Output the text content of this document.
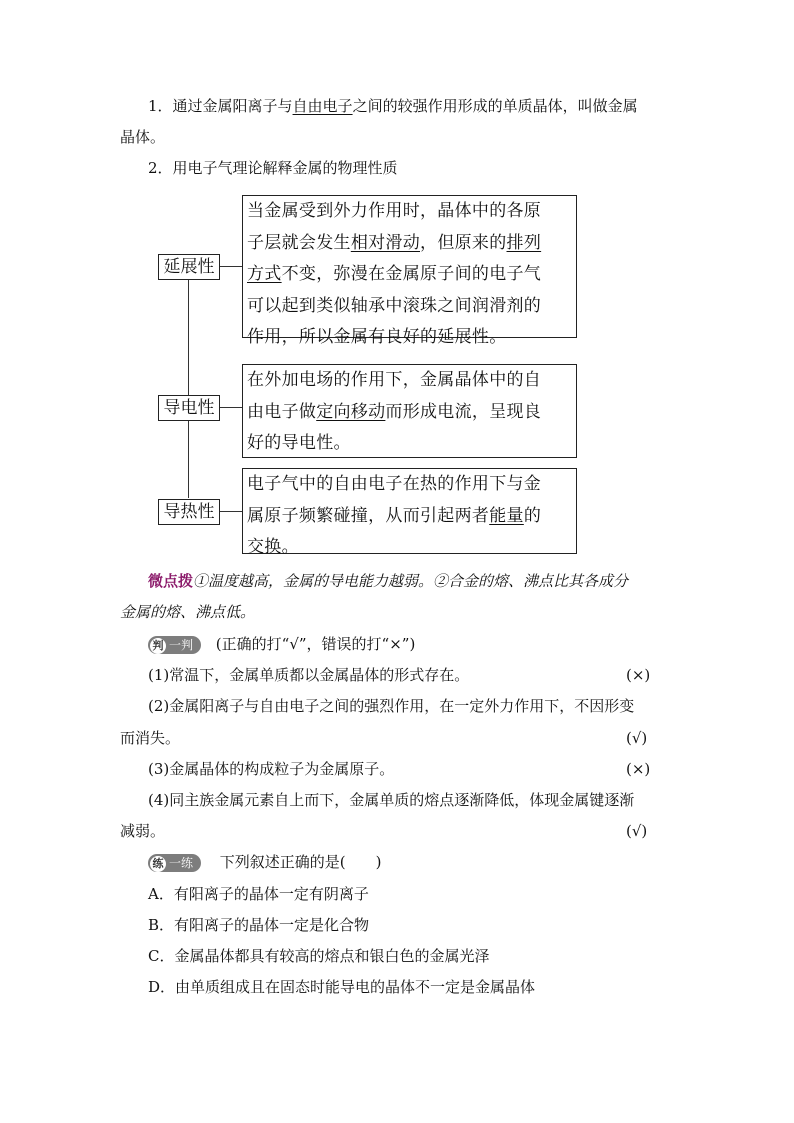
1．通过金属阳离子与自由电子之间的较强作用形成的单质晶体，叫做金属
晶体。
2．用电子气理论解释金属的物理性质
延展性
当金属受到外力作用时，晶体中的各原
子层就会发生相对滑动，但原来的排列
方式不变，弥漫在金属原子间的电子气
可以起到类似轴承中滚珠之间润滑剂的
作用，所以金属有良好的延展性。
导电性
在外加电场的作用下，金属晶体中的自
由电子做定向移动而形成电流，呈现良
好的导电性。
导热性
电子气中的自由电子在热的作用下与金
属原子频繁碰撞，从而引起两者能量的
交换。
微点拨①温度越高，金属的导电能力越弱。②合金的熔、沸点比其各成分
金属的熔、沸点低。
判 一判 (正确的打“√”，错误的打“×”)
(1)常温下，金属单质都以金属晶体的形式存在。	(×)
(2)金属阳离子与自由电子之间的强烈作用，在一定外力作用下，不因形变
而消失。	(√)
(3)金属晶体的构成粒子为金属原子。	(×)
(4)同主族金属元素自上而下，金属单质的熔点逐渐降低，体现金属键逐渐
减弱。	(√)
练 一练 下列叙述正确的是(　　)
A．有阳离子的晶体一定有阴离子
B．有阳离子的晶体一定是化合物
C．金属晶体都具有较高的熔点和银白色的金属光泽
D．由单质组成且在固态时能导电的晶体不一定是金属晶体
